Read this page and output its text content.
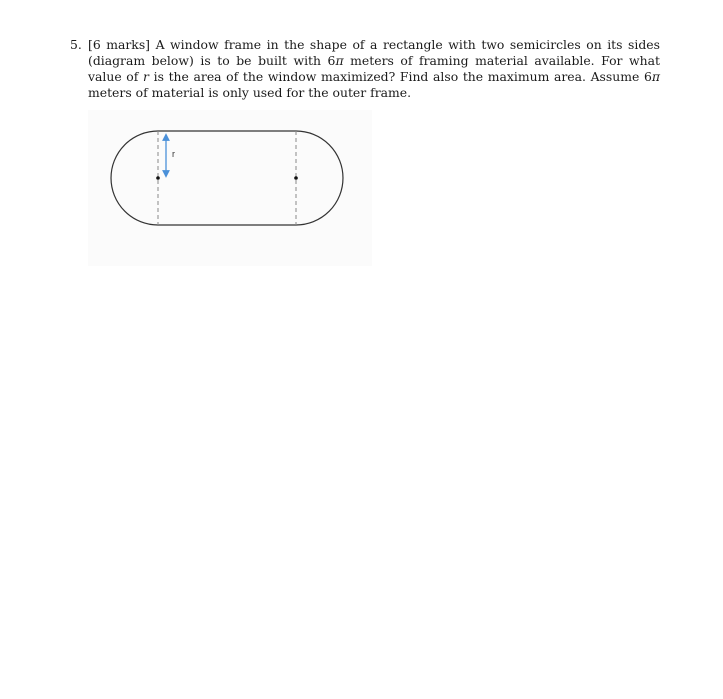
5. [6 marks] A window frame in the shape of a rectangle with two semicircles on its sides (diagram below) is to be built with 6π meters of framing material available. For what value of r is the area of the window maximized? Find also the maximum area. Assume 6π meters of material is only used for the outer frame.
r
